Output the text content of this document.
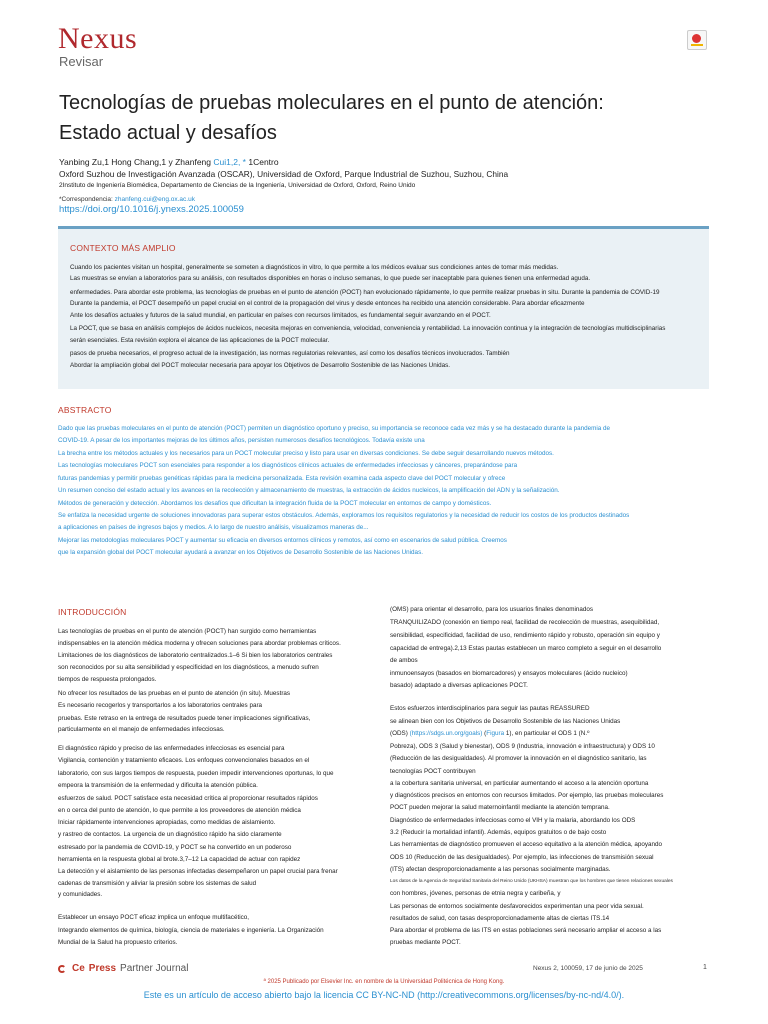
Nexus
Revisar
Tecnologías de pruebas moleculares en el punto de atención:
Estado actual y desafíos
Yanbing Zu,1 Hong Chang,1 y Zhanfeng Cui1,2, * 1Centro
Oxford Suzhou de Investigación Avanzada (OSCAR), Universidad de Oxford, Parque Industrial de Suzhou, Suzhou, China
2Instituto de Ingeniería Biomédica, Departamento de Ciencias de la Ingeniería, Universidad de Oxford, Oxford, Reino Unido
*Correspondencia: zhanfeng.cui@eng.ox.ac.uk
https://doi.org/10.1016/j.ynexs.2025.100059
CONTEXTO MÁS AMPLIO
Cuando los pacientes visitan un hospital, generalmente se someten a diagnósticos in vitro, lo que permite a los médicos evaluar sus condiciones antes de tomar más medidas.
Las muestras se envían a laboratorios para su análisis, con resultados disponibles en horas o incluso semanas, lo que puede ser inaceptable para quienes tienen una enfermedad aguda.
enfermedades. Para abordar este problema, las tecnologías de pruebas en el punto de atención (POCT) han evolucionado rápidamente, lo que permite realizar pruebas in situ. Durante la pandemia de COVID-19
Durante la pandemia, el POCT desempeñó un papel crucial en el control de la propagación del virus y desde entonces ha recibido una atención considerable. Para abordar eficazmente
Ante los desafíos actuales y futuros de la salud mundial, en particular en países con recursos limitados, es fundamental seguir avanzando en el POCT.
La POCT, que se basa en análisis complejos de ácidos nucleicos, necesita mejoras en conveniencia, velocidad, conveniencia y rentabilidad. La innovación continua y la integración de tecnologías multidisciplinarias
serán esenciales. Esta revisión explora el alcance de las aplicaciones de la POCT molecular.
pasos de prueba necesarios, el progreso actual de la investigación, las normas regulatorias relevantes, así como los desafíos técnicos involucrados. También
Abordar la ampliación global del POCT molecular necesaria para apoyar los Objetivos de Desarrollo Sostenible de las Naciones Unidas.
ABSTRACTO
Dado que las pruebas moleculares en el punto de atención (POCT) permiten un diagnóstico oportuno y preciso, su importancia se reconoce cada vez más y se ha destacado durante la pandemia de
COVID-19. A pesar de los importantes mejoras de los últimos años, persisten numerosos desafíos tecnológicos. Todavía existe una
La brecha entre los métodos actuales y los necesarios para un POCT molecular preciso y listo para usar en diversas condiciones. Se debe seguir desarrollando nuevos métodos.
Las tecnologías moleculares POCT son esenciales para responder a los diagnósticos clínicos actuales de enfermedades infecciosas y cánceres, preparándose para
futuras pandemias y permitir pruebas genéticas rápidas para la medicina personalizada. Esta revisión examina cada aspecto clave del POCT molecular y ofrece
Un resumen conciso del estado actual y los avances en la recolección y almacenamiento de muestras, la extracción de ácidos nucleicos, la amplificación del ADN y la señalización.
Métodos de generación y detección. Abordamos los desafíos que dificultan la integración fluida de la POCT molecular en entornos de campo y domésticos.
Se enfatiza la necesidad urgente de soluciones innovadoras para superar estos obstáculos. Además, exploramos los requisitos regulatorios y la necesidad de reducir los costos de los productos destinados
a aplicaciones en países de ingresos bajos y medios. A lo largo de nuestro análisis, visualizamos maneras de...
Mejorar las metodologías moleculares POCT y aumentar su eficacia en diversos entornos clínicos y remotos, así como en escenarios de salud pública. Creemos
que la expansión global del POCT molecular ayudará a avanzar en los Objetivos de Desarrollo Sostenible de las Naciones Unidas.
INTRODUCCIÓN
Las tecnologías de pruebas en el punto de atención (POCT) han surgido como herramientas
indispensables en la atención médica moderna y ofrecen soluciones para abordar problemas críticos.
Limitaciones de los diagnósticos de laboratorio centralizados.1–6 Si bien los laboratorios centrales
son reconocidos por su alta sensibilidad y especificidad en los diagnósticos, a menudo sufren
tiempos de respuesta prolongados.
No ofrecer los resultados de las pruebas en el punto de atención (in situ). Muestras
Es necesario recogerlos y transportarlos a los laboratorios centrales para
pruebas. Este retraso en la entrega de resultados puede tener implicaciones significativas,
particularmente en el manejo de enfermedades infecciosas.
El diagnóstico rápido y preciso de las enfermedades infecciosas es esencial para
Vigilancia, contención y tratamiento eficaces. Los enfoques convencionales basados en el
laboratorio, con sus largos tiempos de respuesta, pueden impedir intervenciones oportunas, lo que
empeora la transmisión de la enfermedad y dificulta la atención pública.
esfuerzos de salud. POCT satisface esta necesidad crítica al proporcionar resultados rápidos
en o cerca del punto de atención, lo que permite a los proveedores de atención médica
Iniciar rápidamente intervenciones apropiadas, como medidas de aislamiento.
y rastreo de contactos. La urgencia de un diagnóstico rápido ha sido claramente
estresado por la pandemia de COVID-19, y POCT se ha convertido en un poderoso
herramienta en la respuesta global al brote.3,7–12 La capacidad de actuar con rapidez
La detección y el aislamiento de las personas infectadas desempeñaron un papel crucial para frenar
cadenas de transmisión y aliviar la presión sobre los sistemas de salud
y comunidades.
Establecer un ensayo POCT eficaz implica un enfoque multifacético,
Integrando elementos de química, biología, ciencia de materiales e ingeniería. La Organización
Mundial de la Salud ha propuesto criterios.
(OMS) para orientar el desarrollo, para los usuarios finales denominados
TRANQUILIZADO (conexión en tiempo real, facilidad de recolección de muestras, asequibilidad,
sensibilidad, especificidad, facilidad de uso, rendimiento rápido y robusto, operación sin equipo y
capacidad de entrega).2,13 Estas pautas establecen un marco completo a seguir en el desarrollo
de ambos
inmunoensayos (basados en biomarcadores) y ensayos moleculares (ácido nucleico)
basado) adaptado a diversas aplicaciones POCT.
Estos esfuerzos interdisciplinarios para seguir las pautas REASSURED
se alinean bien con los Objetivos de Desarrollo Sostenible de las Naciones Unidas
(ODS) (https://sdgs.un.org/goals) (Figura 1), en particular el ODS 1 (N.º
Pobreza), ODS 3 (Salud y bienestar), ODS 9 (Industria, innovación e infraestructura) y ODS 10
(Reducción de las desigualdades). Al promover la innovación en el diagnóstico sanitario, las
tecnologías POCT contribuyen
a la cobertura sanitaria universal, en particular aumentando el acceso a la atención oportuna
y diagnósticos precisos en entornos con recursos limitados. Por ejemplo, las pruebas moleculares
POCT pueden mejorar la salud maternoinfantil mediante la atención temprana.
Diagnóstico de enfermedades infecciosas como el VIH y la malaria, abordando los ODS
3.2 (Reducir la mortalidad infantil). Además, equipos gratuitos o de bajo costo
Las herramientas de diagnóstico promueven el acceso equitativo a la atención médica, apoyando
ODS 10 (Reducción de las desigualdades). Por ejemplo, las infecciones de transmisión sexual
(ITS) afectan desproporcionadamente a las personas socialmente marginadas.
Los datos de la Agencia de Seguridad Sanitaria del Reino Unido (UKHSA) muestran que los hombres que tienen relaciones sexuales
con hombres, jóvenes, personas de etnia negra y caribeña, y
Las personas de entornos socialmente desfavorecidos experimentan una peor vida sexual.
resultados de salud, con tasas desproporcionadamente altas de ciertas ITS.14
Para abordar el problema de las ITS en estas poblaciones será necesario ampliar el acceso a las
pruebas mediante POCT.
Ce Press Partner Journal	Nexus 2, 100059, 17 de junio de 2025	1
ª 2025 Publicado por Elsevier Inc. en nombre de la Universidad Politécnica de Hong Kong.
Este es un artículo de acceso abierto bajo la licencia CC BY-NC-ND (http://creativecommons.org/licenses/by-nc-nd/4.0/).
